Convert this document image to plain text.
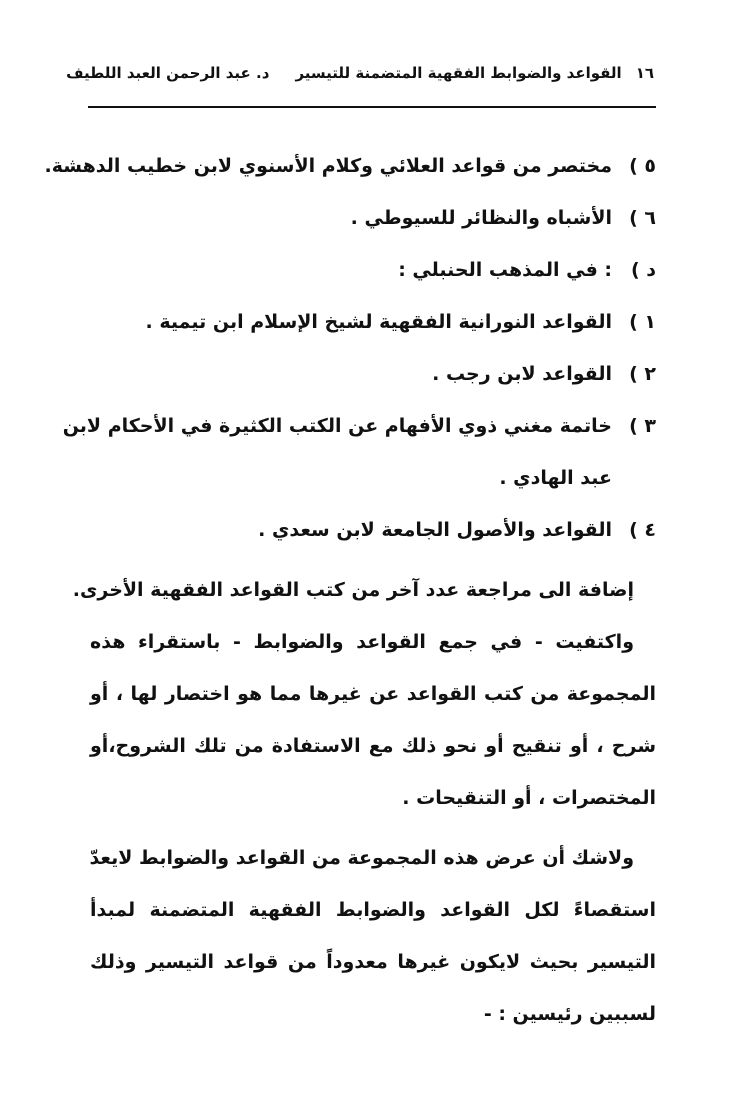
١٦
القواعد والضوابط الفقهية المتضمنة للتيسير
د. عبد الرحمن العبد اللطيف
٥ )
مختصر من قواعد العلائي وكلام الأسنوي لابن خطيب الدهشة.
٦ )
الأشباه والنظائر للسيوطي .
د )
: في المذهب الحنبلي :
١ )
القواعد النورانية الفقهية لشيخ الإسلام ابن تيمية .
٢ )
القواعد لابن رجب .
٣ )
خاتمة مغني ذوي الأفهام عن الكتب الكثيرة في الأحكام لابن
عبد الهادي .
٤ )
القواعد والأصول الجامعة لابن سعدي .
إضافة الى مراجعة عدد آخر من كتب القواعد الفقهية الأخرى.
واكتفيت - في جمع القواعد والضوابط - باستقراء هذه
المجموعة من كتب القواعد عن غيرها مما هو اختصار لها ، أو
شرح ، أو تنقيح أو نحو ذلك مع الاستفادة من تلك الشروح،أو
المختصرات ، أو التنقيحات .
ولاشك أن عرض هذه المجموعة من القواعد والضوابط لايعدّ
استقصاءً لكل القواعد والضوابط الفقهية المتضمنة لمبدأ
التيسير بحيث لايكون غيرها معدوداً من قواعد التيسير وذلك
لسببين رئيسين : -
